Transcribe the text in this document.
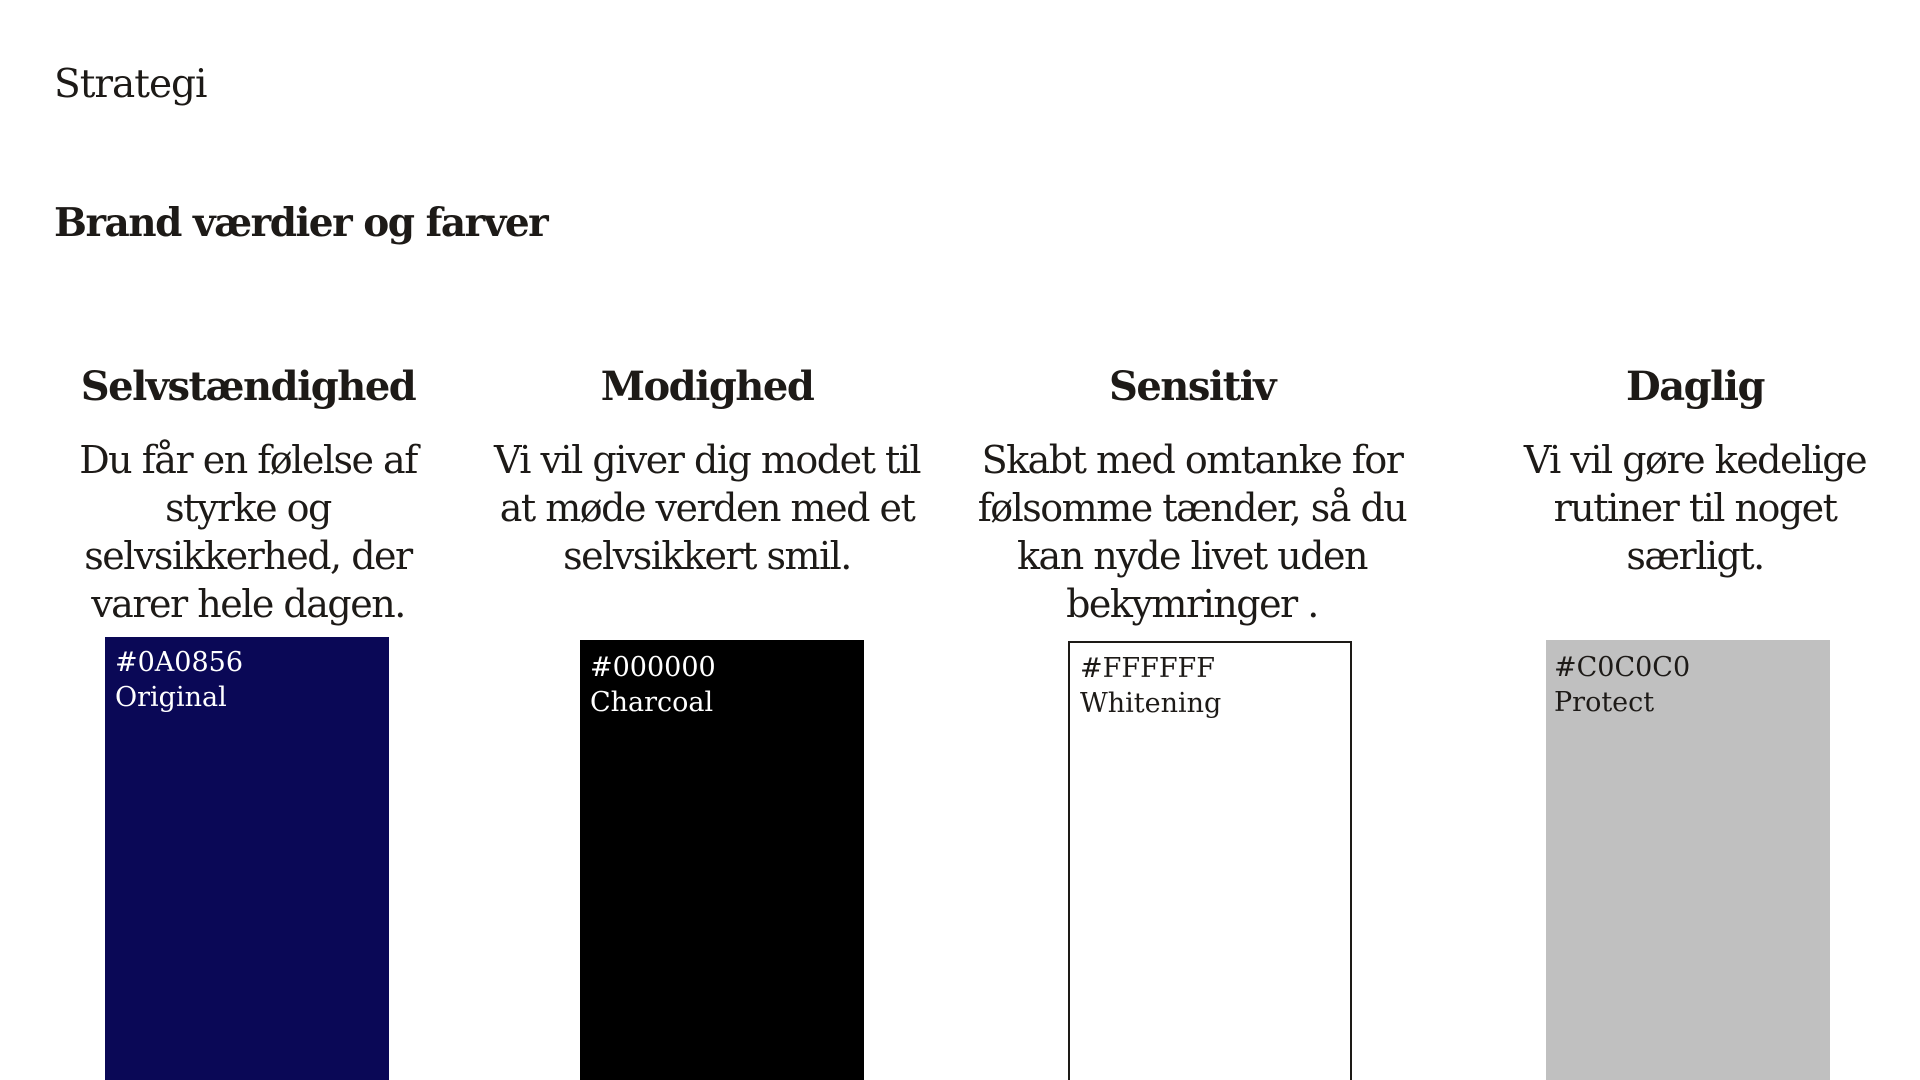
Strategi
Brand værdier og farver
Selvstændighed

Du får en følelse af styrke og selvsikkerhed, der varer hele dagen.

#0A0856
Original
Modighed

Vi vil giver dig modet til at møde verden med et selvsikkert smil.

#000000
Charcoal
Sensitiv

Skabt med omtanke for følsomme tænder, så du kan nyde livet uden bekymringer .

#FFFFFF
Whitening
Daglig

Vi vil gøre kedelige rutiner til noget særligt.

#C0C0C0
Protect
